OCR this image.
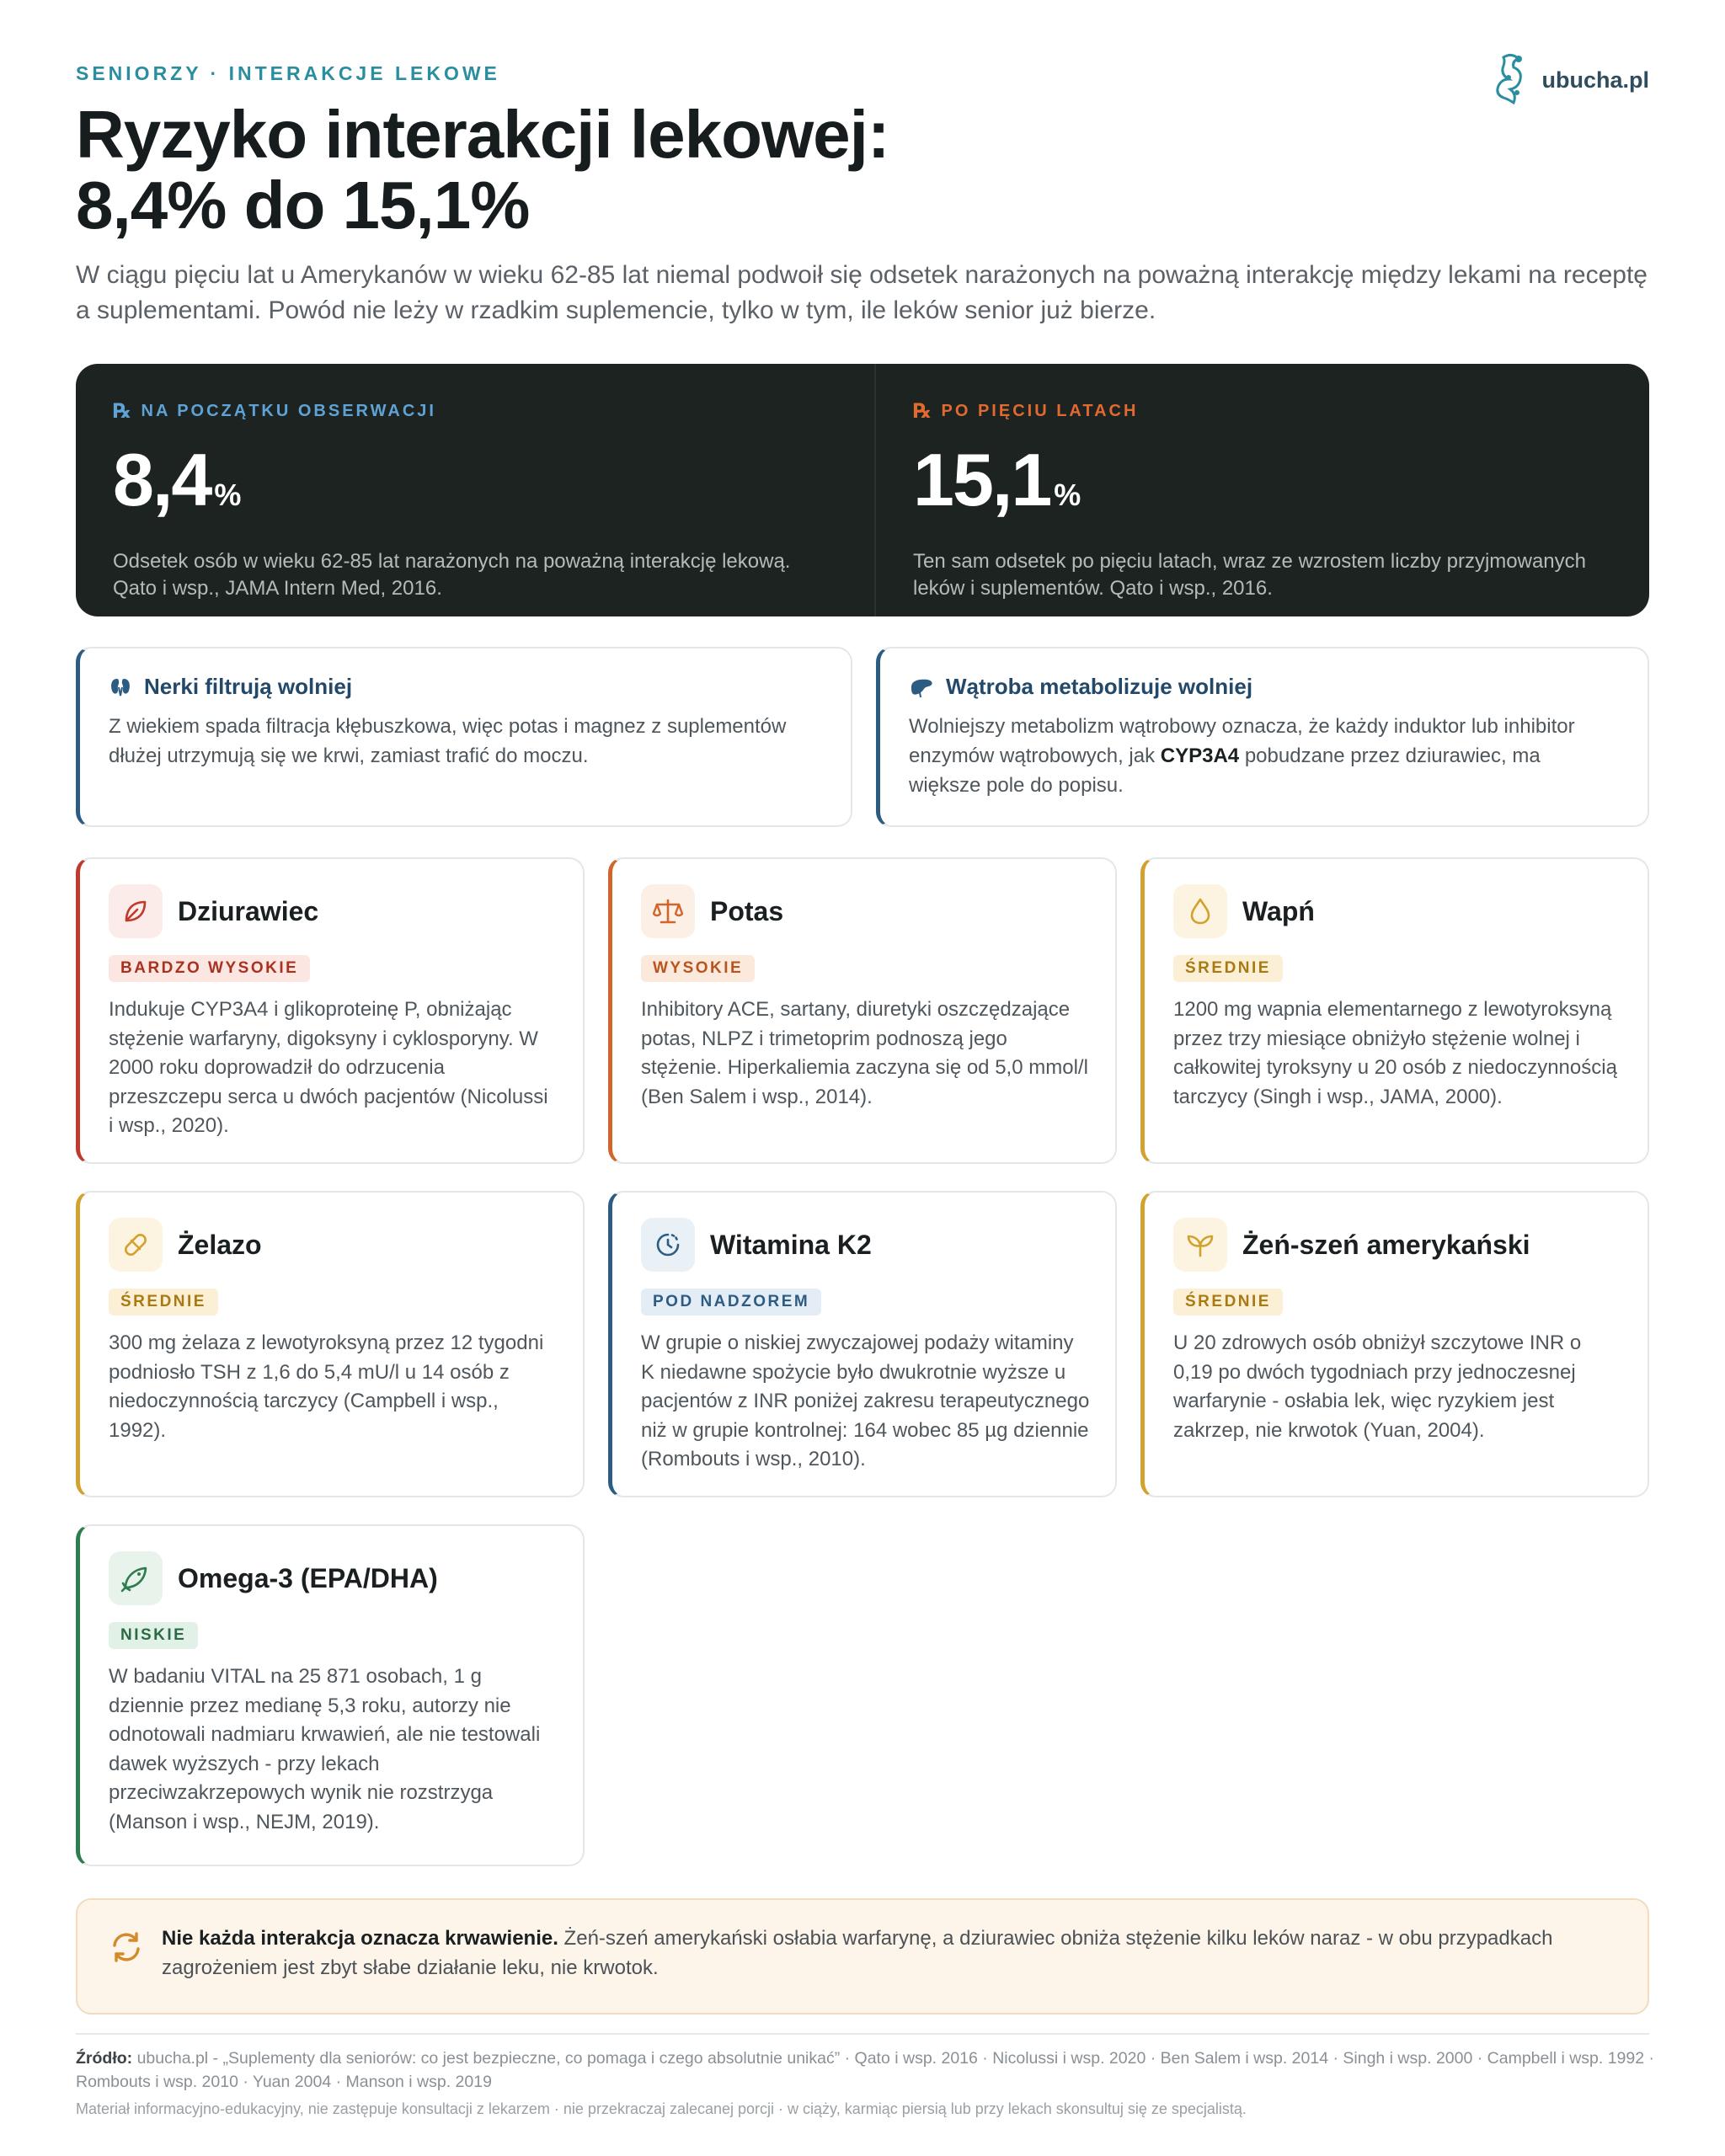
SENIORZY · INTERAKCJE LEKOWE	ubucha.pl
Ryzyko interakcji lekowej:
8,4% do 15,1%

W ciągu pięciu lat u Amerykanów w wieku 62‑85 lat niemal podwoił się odsetek narażonych na poważną interakcję między lekami na receptę a suplementami. Powód nie leży w rzadkim suplemencie, tylko w tym, ile leków senior już bierze.

℞ NA POCZĄTKU OBSERWACJI
8,4 %
Odsetek osób w wieku 62‑85 lat narażonych na poważną interakcję lekową. Qato i wsp., JAMA Intern Med, 2016.
℞ PO PIĘCIU LATACH
15,1 %
Ten sam odsetek po pięciu latach, wraz ze wzrostem liczby przyjmowanych leków i suplementów. Qato i wsp., 2016.
Nerki filtrują wolniej

Z wiekiem spada filtracja kłębuszkowa, więc potas i magnez z suplementów dłużej utrzymują się we krwi, zamiast trafić do moczu.

Wątroba metabolizuje wolniej

Wolniejszy metabolizm wątrobowy oznacza, że każdy induktor lub inhibitor enzymów wątrobowych, jak CYP3A4 pobudzane przez dziurawiec, ma większe pole do popisu.

Dziurawiec
BARDZO WYSOKIE

Indukuje CYP3A4 i glikoproteinę P, obniżając stężenie warfaryny, digoksyny i cyklosporyny. W 2000 roku doprowadził do odrzucenia przeszczepu serca u dwóch pacjentów (Nicolussi i wsp., 2020).

Potas
WYSOKIE

Inhibitory ACE, sartany, diuretyki oszczędzające potas, NLPZ i trimetoprim podnoszą jego stężenie. Hiperkaliemia zaczyna się od 5,0 mmol/l (Ben Salem i wsp., 2014).

Wapń
ŚREDNIE

1200 mg wapnia elementarnego z lewotyroksyną przez trzy miesiące obniżyło stężenie wolnej i całkowitej tyroksyny u 20 osób z niedoczynnością tarczycy (Singh i wsp., JAMA, 2000).

Żelazo
ŚREDNIE

300 mg żelaza z lewotyroksyną przez 12 tygodni podniosło TSH z 1,6 do 5,4 mU/l u 14 osób z niedoczynnością tarczycy (Campbell i wsp., 1992).

Witamina K2
POD NADZOREM

W grupie o niskiej zwyczajowej podaży witaminy K niedawne spożycie było dwukrotnie wyższe u pacjentów z INR poniżej zakresu terapeutycznego niż w grupie kontrolnej: 164 wobec 85 µg dziennie (Rombouts i wsp., 2010).

Żeń‑szeń amerykański
ŚREDNIE

U 20 zdrowych osób obniżył szczytowe INR o 0,19 po dwóch tygodniach przy jednoczesnej warfarynie ‑ osłabia lek, więc ryzykiem jest zakrzep, nie krwotok (Yuan, 2004).

Omega‑3 (EPA/DHA)
NISKIE

W badaniu VITAL na 25 871 osobach, 1 g dziennie przez medianę 5,3 roku, autorzy nie odnotowali nadmiaru krwawień, ale nie testowali dawek wyższych ‑ przy lekach przeciwzakrzepowych wynik nie rozstrzyga (Manson i wsp., NEJM, 2019).

Nie każda interakcja oznacza krwawienie. Żeń‑szeń amerykański osłabia warfarynę, a dziurawiec obniża stężenie kilku leków naraz ‑ w obu przypadkach zagrożeniem jest zbyt słabe działanie leku, nie krwotok.

Źródło: ubucha.pl ‑ „Suplementy dla seniorów: co jest bezpieczne, co pomaga i czego absolutnie unikać” · Qato i wsp. 2016 · Nicolussi i wsp. 2020 · Ben Salem i wsp. 2014 · Singh i wsp. 2000 · Campbell i wsp. 1992 · Rombouts i wsp. 2010 · Yuan 2004 · Manson i wsp. 2019

Materiał informacyjno‑edukacyjny, nie zastępuje konsultacji z lekarzem · nie przekraczaj zalecanej porcji · w ciąży, karmiąc piersią lub przy lekach skonsultuj się ze specjalistą.
